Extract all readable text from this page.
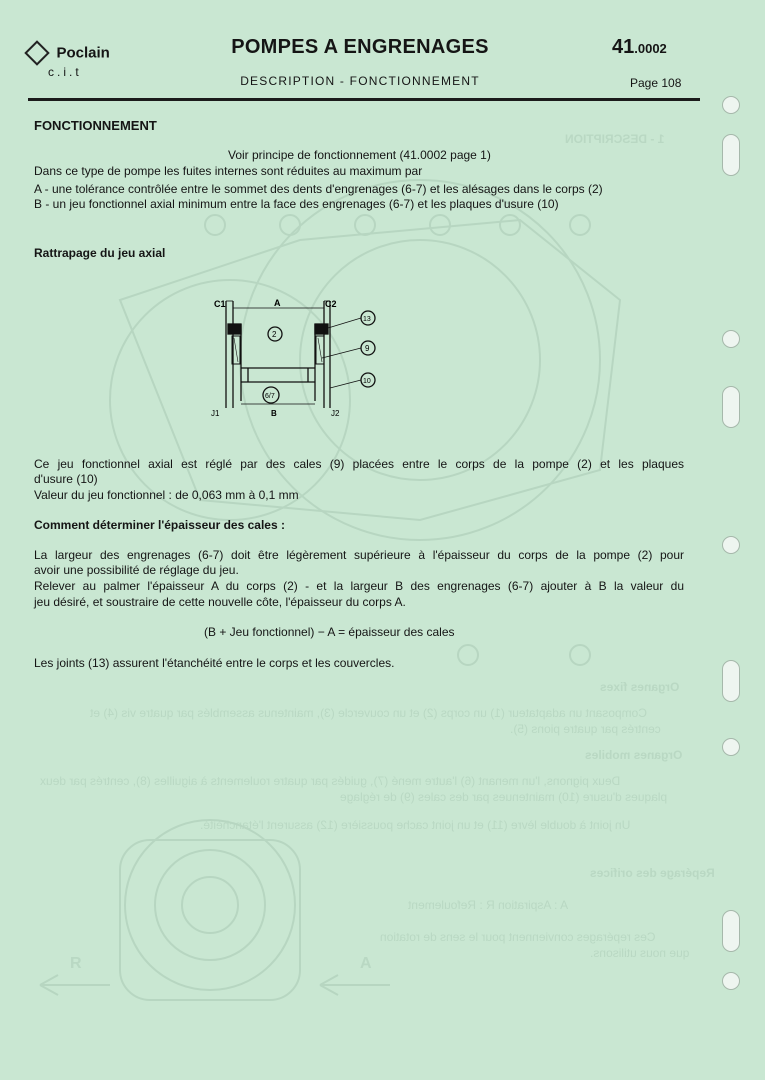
1 - DESCRIPTION
Organes fixes
Composant un adaptateur (1) un corps (2) et un couvercle (3), maintenus assemblés par quatre vis (4) et
centrés par quatre pions (5).
Organes mobiles
Deux pignons, l'un menant (6) l'autre mené (7), guidés par quatre roulements à aiguilles (8), centrés par deux
plaques d'usure (10) maintenues par des cales (9) de réglage
Un joint à double lèvre (11) et un joint cache poussière (12) assurent l'étanchéité.
Repérage des orifices
A : Aspiration R : Refoulement
Ces repérages conviennent pour le sens de rotation
que nous utilisons.
R	A
Poclain
c.i.t
POMPES A ENGRENAGES
DESCRIPTION - FONCTIONNEMENT
41.0002
Page 108
FONCTIONNEMENT
Voir principe de fonctionnement (41.0002 page 1)
Dans ce type de pompe les fuites internes sont réduites au maximum par
A - une tolérance contrôlée entre le sommet des dents d'engrenages (6-7) et les alésages dans le corps (2)
B - un jeu fonctionnel axial minimum entre la face des engrenages (6-7) et les plaques d'usure (10)
Rattrapage du jeu axial
C1	A	C2
J1	B	J2
2
13
9
10
6/7
Ce jeu fonctionnel axial est réglé par des cales (9) placées entre le corps de la pompe (2) et les plaques
d'usure (10)
Valeur du jeu fonctionnel : de 0,063 mm à 0,1 mm
Comment déterminer l'épaisseur des cales :
La largeur des engrenages (6-7) doit être légèrement supérieure à l'épaisseur du corps de la pompe (2) pour
avoir une possibilité de réglage du jeu.
Relever au palmer l'épaisseur A du corps (2) - et la largeur B des engrenages (6-7) ajouter à B la valeur du
jeu désiré, et soustraire de cette nouvelle côte, l'épaisseur du corps A.
(B + Jeu fonctionnel) − A = épaisseur des cales
Les joints (13) assurent l'étanchéité entre le corps et les couvercles.
